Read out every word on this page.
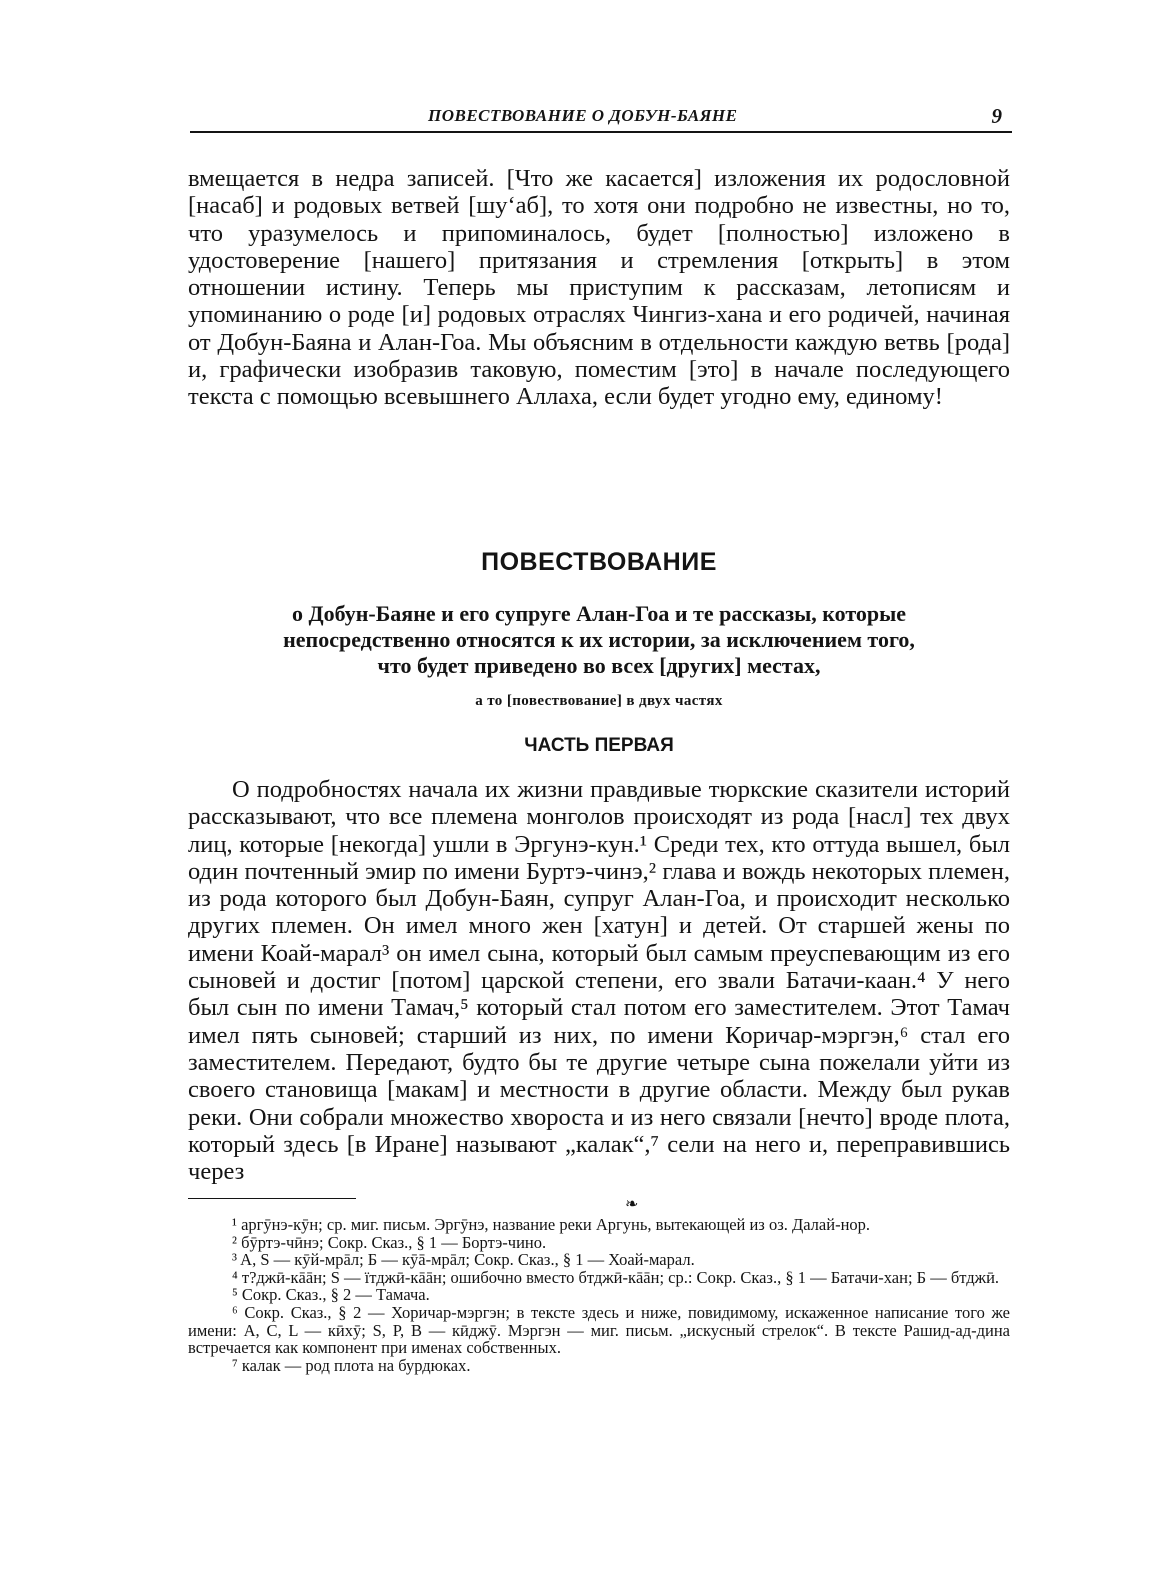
ПОВЕСТВОВАНИЕ О ДОБУН-БАЯНЕ	9

вмещается в недра записей. [Что же касается] изложения их родословной [насаб] и родовых ветвей [шу‘аб], то хотя они подробно не известны, но то, что уразумелось и припоминалось, будет [полностью] изложено в удостоверение [нашего] притязания и стремления [открыть] в этом отношении истину. Теперь мы приступим к рассказам, летописям и упоминанию о роде [и] родовых отраслях Чингиз-хана и его родичей, начиная от Добун-Баяна и Алан-Гоа. Мы объясним в отдельности каждую ветвь [рода] и, графически изобразив таковую, поместим [это] в начале последующего текста с помощью всевышнего Аллаха, если будет угодно ему, единому!

ПОВЕСТВОВАНИЕ
о Добун-Баяне и его супруге Алан-Гоа и те рассказы, которые
непосредственно относятся к их истории, за исключением того,
что будет приведено во всех [других] местах,
а то [повествование] в двух частях
ЧАСТЬ ПЕРВАЯ

О подробностях начала их жизни правдивые тюркские сказители историй рассказывают, что все племена монголов происходят из рода [насл] тех двух лиц, которые [некогда] ушли в Эргунэ-кун.¹ Среди тех, кто оттуда вышел, был один почтенный эмир по имени Буртэ-чинэ,² глава и вождь некоторых племен, из рода которого был Добун-Баян, супруг Алан-Гоа, и происходит несколько других племен. Он имел много жен [хатун] и детей. От старшей жены по имени Коай-марал³ он имел сына, который был самым преуспевающим из его сыновей и достиг [потом] царской степени, его звали Батачи-каан.⁴ У него был сын по имени Тамач,⁵ который стал потом его заместителем. Этот Тамач имел пять сыновей; старший из них, по имени Коричар-мэргэн,⁶ стал его заместителем. Передают, будто бы те другие четыре сына пожелали уйти из своего становища [макам] и местности в другие области. Между был рукав реки. Они собрали множество хвороста и из него связали [нечто] вроде плота, который здесь [в Иране] называют „калак“,⁷ сели на него и, переправившись через

❧

¹ аргӯнэ-кӯн; ср. миг. письм. Эргӯнэ, название реки Аргунь, вытекающей из оз. Далай-нор.

² бӯртэ-чӣнэ; Сокр. Сказ., § 1 — Бортэ-чино.

³ A, S — кӯй-мрāл; Б — кӯā-мрāл; Сокр. Сказ., § 1 — Хоай-марал.

⁴ т?джӣ-кāāн; S — їтджӣ-кāāн; ошибочно вместо бтджӣ-кāāн; ср.: Сокр. Сказ., § 1 — Батачи-хан; Б — бтджӣ.

⁵ Сокр. Сказ., § 2 — Тамача.

⁶ Сокр. Сказ., § 2 — Хоричар-мэргэн; в тексте здесь и ниже, повидимому, искаженное написание того же имени: A, C, L — кӣхӯ; S, P, B — кӣджӯ. Мэргэн — миг. письм. „искусный стрелок“. В тексте Рашид-ад-дина встречается как компонент при именах собственных.

⁷ калак — род плота на бурдюках.
